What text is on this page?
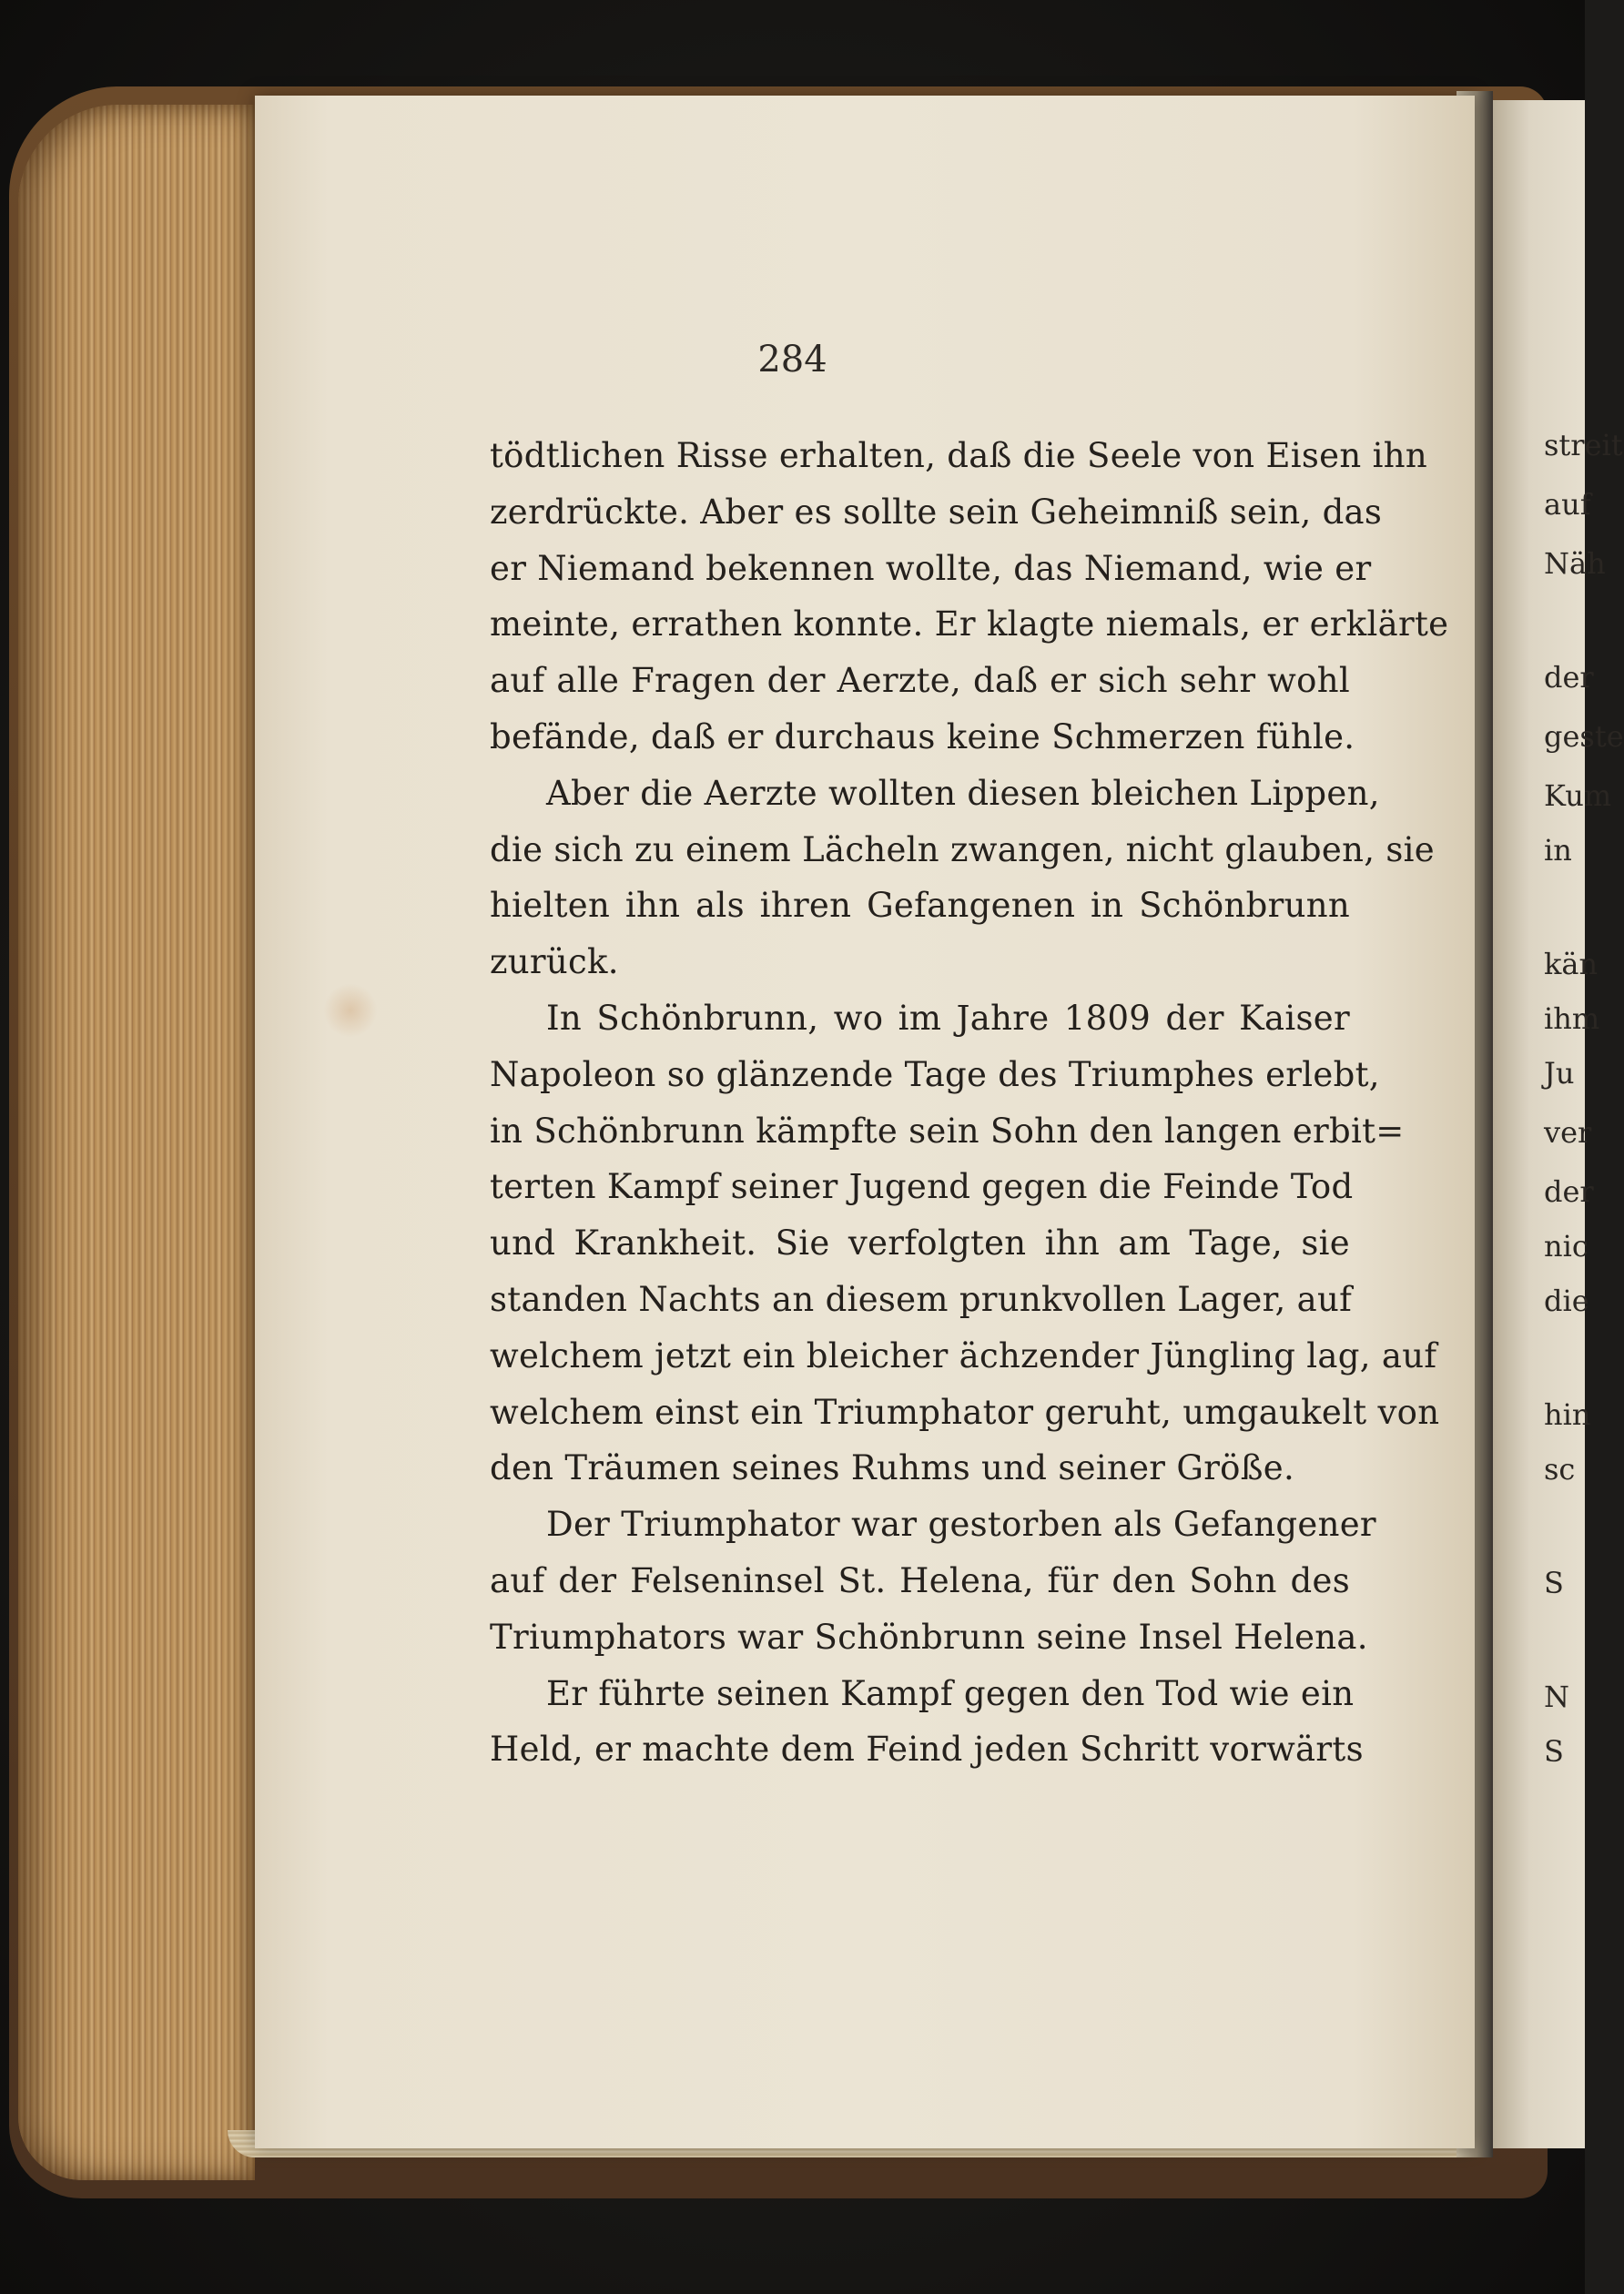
streit
auf
Näh
der
geste
Kum
in
kän
ihm
Ju
ver
der
nic
die
hin
sc
S
N
S
284
tödtlichen Risse erhalten, daß die Seele von Eisen ihn
zerdrückte. Aber es sollte sein Geheimniß sein, das
er Niemand bekennen wollte, das Niemand, wie er
meinte, errathen konnte. Er klagte niemals, er erklärte
auf alle Fragen der Aerzte, daß er sich sehr wohl
befände, daß er durchaus keine Schmerzen fühle.
Aber die Aerzte wollten diesen bleichen Lippen,
die sich zu einem Lächeln zwangen, nicht glauben, sie
hielten ihn als ihren Gefangenen in Schönbrunn
zurück.
In Schönbrunn, wo im Jahre 1809 der Kaiser
Napoleon so glänzende Tage des Triumphes erlebt,
in Schönbrunn kämpfte sein Sohn den langen erbit=
terten Kampf seiner Jugend gegen die Feinde Tod
und Krankheit. Sie verfolgten ihn am Tage, sie
standen Nachts an diesem prunkvollen Lager, auf
welchem jetzt ein bleicher ächzender Jüngling lag, auf
welchem einst ein Triumphator geruht, umgaukelt von
den Träumen seines Ruhms und seiner Größe.
Der Triumphator war gestorben als Gefangener
auf der Felseninsel St. Helena, für den Sohn des
Triumphators war Schönbrunn seine Insel Helena.
Er führte seinen Kampf gegen den Tod wie ein
Held, er machte dem Feind jeden Schritt vorwärts
